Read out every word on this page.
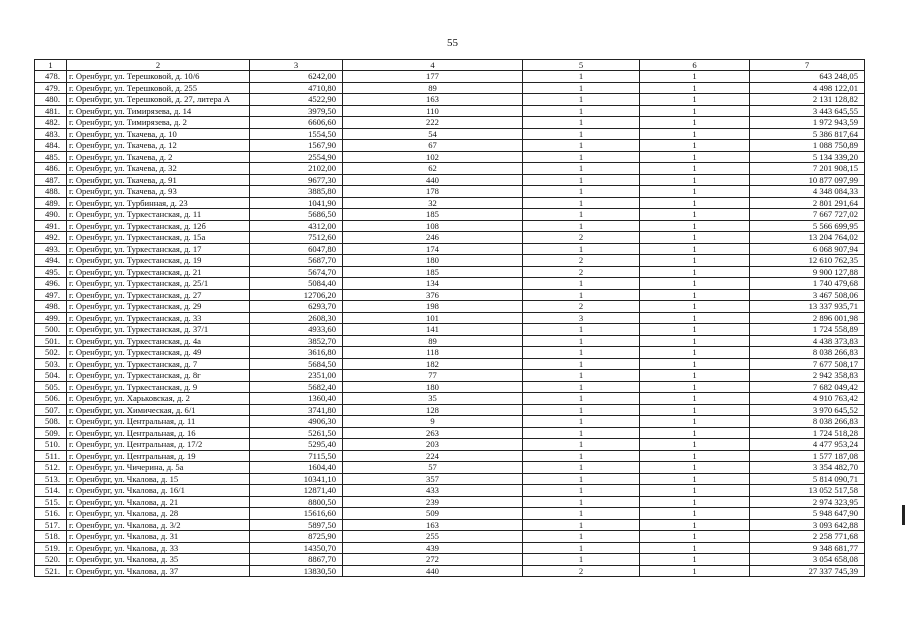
55
1	2	3	4	5	6	7
478.	г. Оренбург, ул. Терешковой, д. 10/6	6242,00	177	1	1	643 248,05
479.	г. Оренбург, ул. Терешковой, д. 255	4710,80	89	1	1	4 498 122,01
480.	г. Оренбург, ул. Терешковой, д. 27, литера А	4522,90	163	1	1	2 131 128,82
481.	г. Оренбург, ул. Тимирязева, д. 14	3979,50	110	1	1	3 443 645,55
482.	г. Оренбург, ул. Тимирязева, д. 2	6606,60	222	1	1	1 972 943,59
483.	г. Оренбург, ул. Ткачева, д. 10	1554,50	54	1	1	5 386 817,64
484.	г. Оренбург, ул. Ткачева, д. 12	1567,90	67	1	1	1 088 750,89
485.	г. Оренбург, ул. Ткачева, д. 2	2554,90	102	1	1	5 134 339,20
486.	г. Оренбург, ул. Ткачева, д. 32	2102,00	62	1	1	7 201 908,15
487.	г. Оренбург, ул. Ткачева, д. 91	9677,30	440	1	1	10 877 097,99
488.	г. Оренбург, ул. Ткачева, д. 93	3885,80	178	1	1	4 348 084,33
489.	г. Оренбург, ул. Турбинная, д. 23	1041,90	32	1	1	2 801 291,64
490.	г. Оренбург, ул. Туркестанская, д. 11	5686,50	185	1	1	7 667 727,02
491.	г. Оренбург, ул. Туркестанская, д. 12б	4312,00	108	1	1	5 566 699,95
492.	г. Оренбург, ул. Туркестанская, д. 15а	7512,60	246	2	1	13 204 764,02
493.	г. Оренбург, ул. Туркестанская, д. 17	6047,80	174	1	1	6 068 907,94
494.	г. Оренбург, ул. Туркестанская, д. 19	5687,70	180	2	1	12 610 762,35
495.	г. Оренбург, ул. Туркестанская, д. 21	5674,70	185	2	1	9 900 127,88
496.	г. Оренбург, ул. Туркестанская, д. 25/1	5084,40	134	1	1	1 740 479,68
497.	г. Оренбург, ул. Туркестанская, д. 27	12706,20	376	1	1	3 467 508,06
498.	г. Оренбург, ул. Туркестанская, д. 29	6293,70	198	2	1	13 337 935,71
499.	г. Оренбург, ул. Туркестанская, д. 33	2608,30	101	3	1	2 896 001,98
500.	г. Оренбург, ул. Туркестанская, д. 37/1	4933,60	141	1	1	1 724 558,89
501.	г. Оренбург, ул. Туркестанская, д. 4а	3852,70	89	1	1	4 438 373,83
502.	г. Оренбург, ул. Туркестанская, д. 49	3616,80	118	1	1	8 038 266,83
503.	г. Оренбург, ул. Туркестанская, д. 7	5684,50	182	1	1	7 677 508,17
504.	г. Оренбург, ул. Туркестанская, д. 8г	2351,00	77	1	1	2 942 358,83
505.	г. Оренбург, ул. Туркестанская, д. 9	5682,40	180	1	1	7 682 049,42
506.	г. Оренбург, ул. Харьковская, д. 2	1360,40	35	1	1	4 910 763,42
507.	г. Оренбург, ул. Химическая, д. 6/1	3741,80	128	1	1	3 970 645,52
508.	г. Оренбург, ул. Центральная, д. 11	4906,30	9	1	1	8 038 266,83
509.	г. Оренбург, ул. Центральная, д. 16	5261,50	263	1	1	1 724 518,28
510.	г. Оренбург, ул. Центральная, д. 17/2	5295,40	203	1	1	4 477 953,24
511.	г. Оренбург, ул. Центральная, д. 19	7115,50	224	1	1	1 577 187,08
512.	г. Оренбург, ул. Чичерина, д. 5а	1604,40	57	1	1	3 354 482,70
513.	г. Оренбург, ул. Чкалова, д. 15	10341,10	357	1	1	5 814 090,71
514.	г. Оренбург, ул. Чкалова, д. 16/1	12871,40	433	1	1	13 052 517,58
515.	г. Оренбург, ул. Чкалова, д. 21	8800,50	239	1	1	2 974 323,95
516.	г. Оренбург, ул. Чкалова, д. 28	15616,60	509	1	1	5 948 647,90
517.	г. Оренбург, ул. Чкалова, д. 3/2	5897,50	163	1	1	3 093 642,88
518.	г. Оренбург, ул. Чкалова, д. 31	8725,90	255	1	1	2 258 771,68
519.	г. Оренбург, ул. Чкалова, д. 33	14350,70	439	1	1	9 348 681,77
520.	г. Оренбург, ул. Чкалова, д. 35	8867,70	272	1	1	3 054 658,08
521.	г. Оренбург, ул. Чкалова, д. 37	13830,50	440	2	1	27 337 745,39
